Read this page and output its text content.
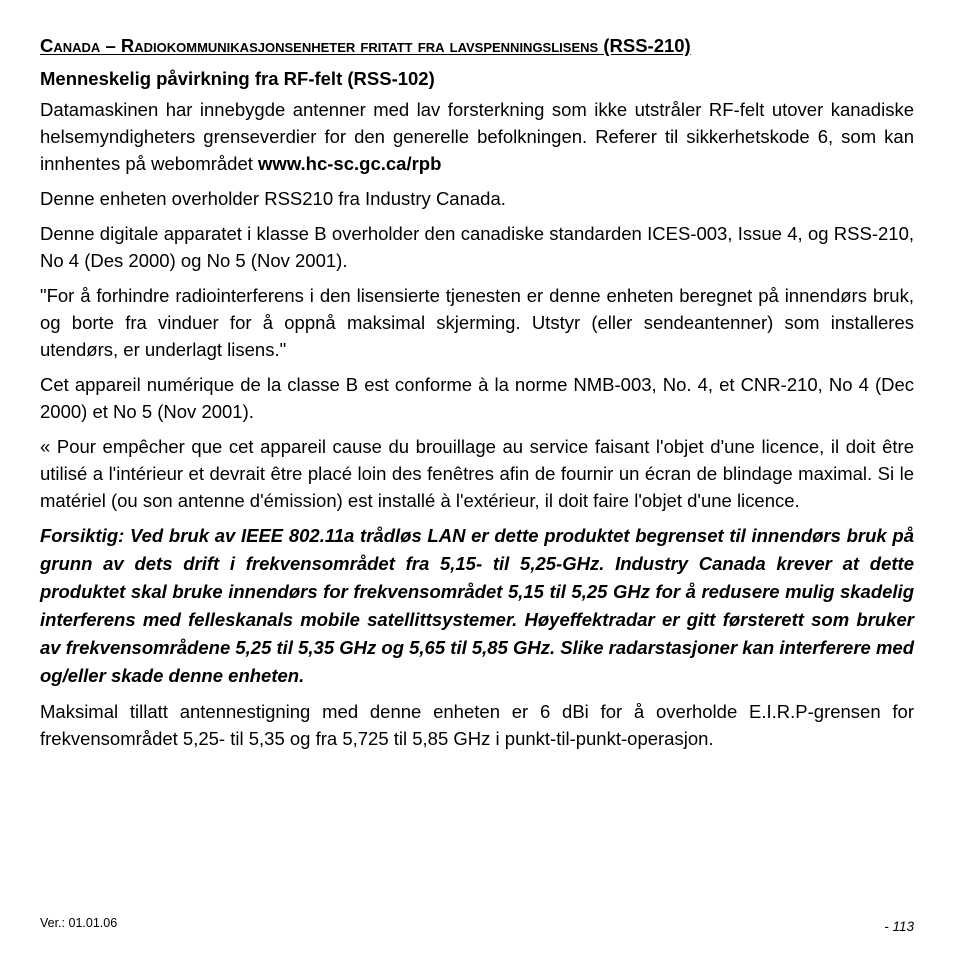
Canada – Radiokommunikasjonsenheter fritatt fra lavspenningslisens (RSS-210)
Menneskelig påvirkning fra RF-felt (RSS-102)

Datamaskinen har innebygde antenner med lav forsterkning som ikke utstråler RF-felt utover kanadiske helsemyndigheters grenseverdier for den generelle befolkningen. Referer til sikkerhetskode 6, som kan innhentes på webområdet www.hc-sc.gc.ca/rpb

Denne enheten overholder RSS210 fra Industry Canada.

Denne digitale apparatet i klasse B overholder den canadiske standarden ICES-003, Issue 4, og RSS-210, No 4 (Des 2000) og No 5 (Nov 2001).

"For å forhindre radiointerferens i den lisensierte tjenesten er denne enheten beregnet på innendørs bruk, og borte fra vinduer for å oppnå maksimal skjerming. Utstyr (eller sendeantenner) som installeres utendørs, er underlagt lisens."

Cet appareil numérique de la classe B est conforme à la norme NMB-003, No. 4, et CNR-210, No 4 (Dec 2000) et No 5 (Nov 2001).

« Pour empêcher que cet appareil cause du brouillage au service faisant l'objet d'une licence, il doit être utilisé a l'intérieur et devrait être placé loin des fenêtres afin de fournir un écran de blindage maximal. Si le matériel (ou son antenne d'émission) est installé à l'extérieur, il doit faire l'objet d'une licence.

Forsiktig: Ved bruk av IEEE 802.11a trådløs LAN er dette produktet begrenset til innendørs bruk på grunn av dets drift i frekvensområdet fra 5,15- til 5,25-GHz. Industry Canada krever at dette produktet skal bruke innendørs for frekvensområdet 5,15 til 5,25 GHz for å redusere mulig skadelig interferens med felleskanals mobile satellittsystemer. Høyeffektradar er gitt førsterett som bruker av frekvensområdene 5,25 til 5,35 GHz og 5,65 til 5,85 GHz. Slike radarstasjoner kan interferere med og/eller skade denne enheten.

Maksimal tillatt antennestigning med denne enheten er 6 dBi for å overholde E.I.R.P-grensen for frekvensområdet 5,25- til 5,35 og fra 5,725 til 5,85 GHz i punkt-til-punkt-operasjon.

Ver.: 01.01.06	- 113
